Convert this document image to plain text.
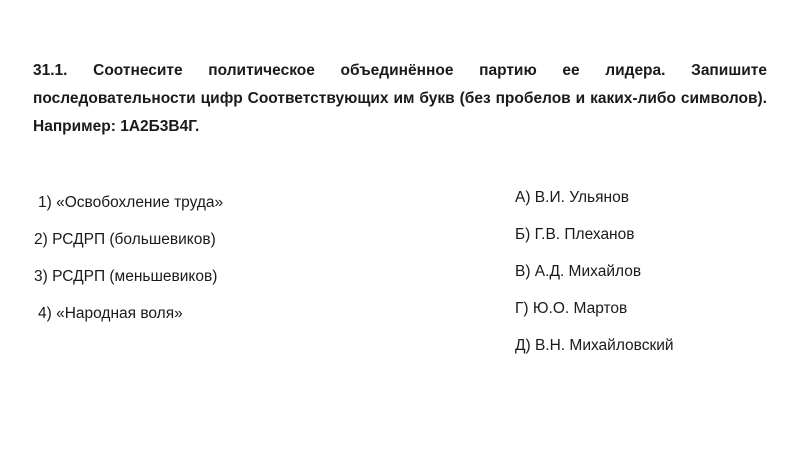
31.1. Соотнесите политическое объединённое партию ее лидера. Запишите последовательности цифр Соответствующих им букв (без пробелов и каких-либо символов). Например: 1А2Б3В4Г.
1) «Освобохление труда»
2) РСДРП (большевиков)
3) РСДРП (меньшевиков)
4) «Народная воля»
А) В.И. Ульянов
Б) Г.В. Плеханов
В) А.Д. Михайлов
Г) Ю.О. Мартов
Д) В.Н. Михайловский
